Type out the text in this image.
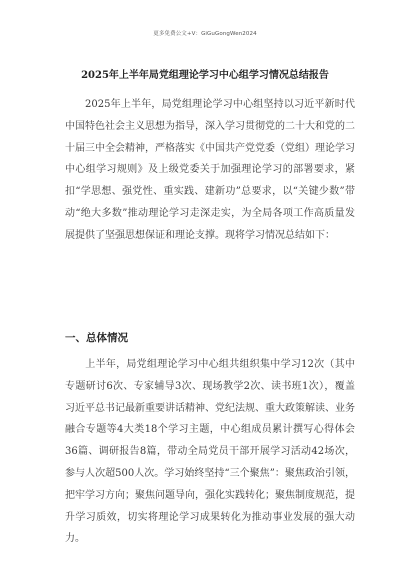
更多免费公文+V：GiGuGongWen2024
2025年上半年局党组理论学习中心组学习情况总结报告

2025年上半年，局党组理论学习中心组坚持以习近平新时代中国特色社会主义思想为指导，深入学习贯彻党的二十大和党的二十届三中全会精神，严格落实《中国共产党党委（党组）理论学习中心组学习规则》及上级党委关于加强理论学习的部署要求，紧扣“学思想、强党性、重实践、建新功”总要求，以“关键少数”带动“绝大多数”推动理论学习走深走实，为全局各项工作高质量发展提供了坚强思想保证和理论支撑。现将学习情况总结如下：

一、总体情况

上半年，局党组理论学习中心组共组织集中学习12次（其中专题研讨6次、专家辅导3次、现场教学2次、读书班1次），覆盖习近平总书记最新重要讲话精神、党纪法规、重大政策解读、业务融合专题等4大类18个学习主题，中心组成员累计撰写心得体会36篇、调研报告8篇，带动全局党员干部开展学习活动42场次，参与人次超500人次。学习始终坚持“三个聚焦”：聚焦政治引领，把牢学习方向；聚焦问题导向，强化实践转化；聚焦制度规范，提升学习质效，切实将理论学习成果转化为推动事业发展的强大动力。
